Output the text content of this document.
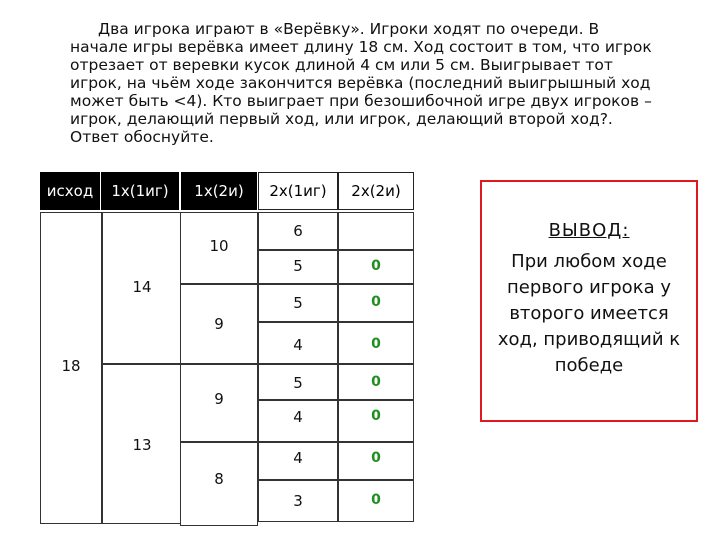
Два игрока играют в «Верёвку». Игроки ходят по очереди. В начале игры верёвка имеет длину 18 см. Ход состоит в том, что игрок отрезает от веревки кусок длиной 4 см или 5 см. Выигрывает тот игрок, на чьём ходе закончится верёвка (последний выигрышный ход может быть <4). Кто выиграет при безошибочной игре двух игроков – игрок, делающий первый ход, или игрок, делающий второй ход?. Ответ обоснуйте.
исход 1х(1иг) 1х(2и) 2х(1иг) 2х(2и)
18
14
13
10
9
9
8
6
5
5
4
5
4
4
3
0
0
0
0
0
0
0
ВЫВОД:
При любом ходе
первого игрока у
второго имеется
ход, приводящий к
победе
